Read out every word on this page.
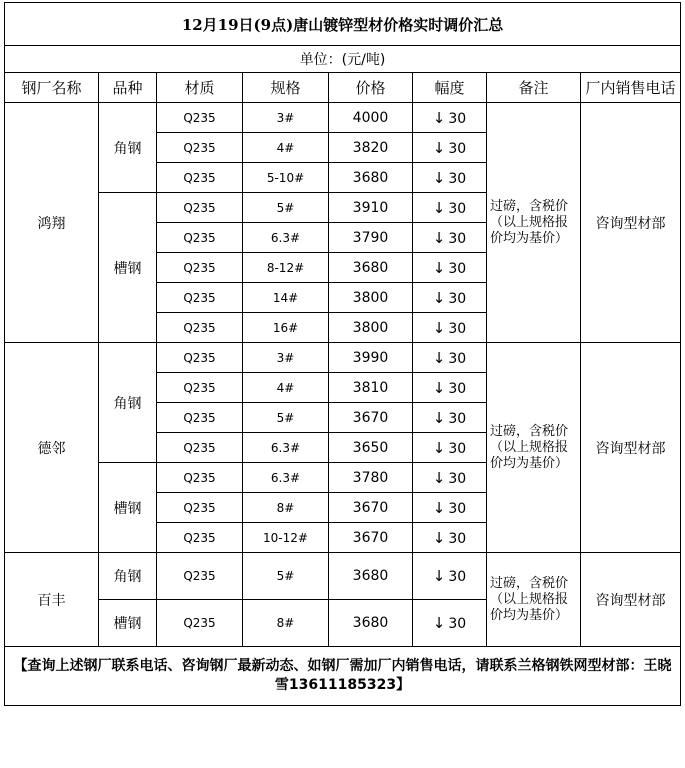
12月19日(9点)唐山镀锌型材价格实时调价汇总							
单位：(元/吨)							
钢厂名称	品种	材质	规格	价格	幅度	备注	厂内销售电话
鸿翔	角钢	Q235	3#	4000	↓ 30	过磅，含税价（以上规格报价均为基价）	咨询型材部
		Q235	4#	3820	↓ 30		
		Q235	5-10#	3680	↓ 30		
	槽钢	Q235	5#	3910	↓ 30		
		Q235	6.3#	3790	↓ 30		
		Q235	8-12#	3680	↓ 30		
		Q235	14#	3800	↓ 30		
		Q235	16#	3800	↓ 30		
德邻	角钢	Q235	3#	3990	↓ 30	过磅，含税价（以上规格报价均为基价）	咨询型材部
		Q235	4#	3810	↓ 30		
		Q235	5#	3670	↓ 30		
		Q235	6.3#	3650	↓ 30		
	槽钢	Q235	6.3#	3780	↓ 30		
		Q235	8#	3670	↓ 30		
		Q235	10-12#	3670	↓ 30		
百丰	角钢	Q235	5#	3680	↓ 30	过磅，含税价（以上规格报价均为基价）	咨询型材部
	槽钢	Q235	8#	3680	↓ 30		
【查询上述钢厂联系电话、咨询钢厂最新动态、如钢厂需加厂内销售电话，请联系兰格钢铁网型材部：王晓雪13611185323】							
